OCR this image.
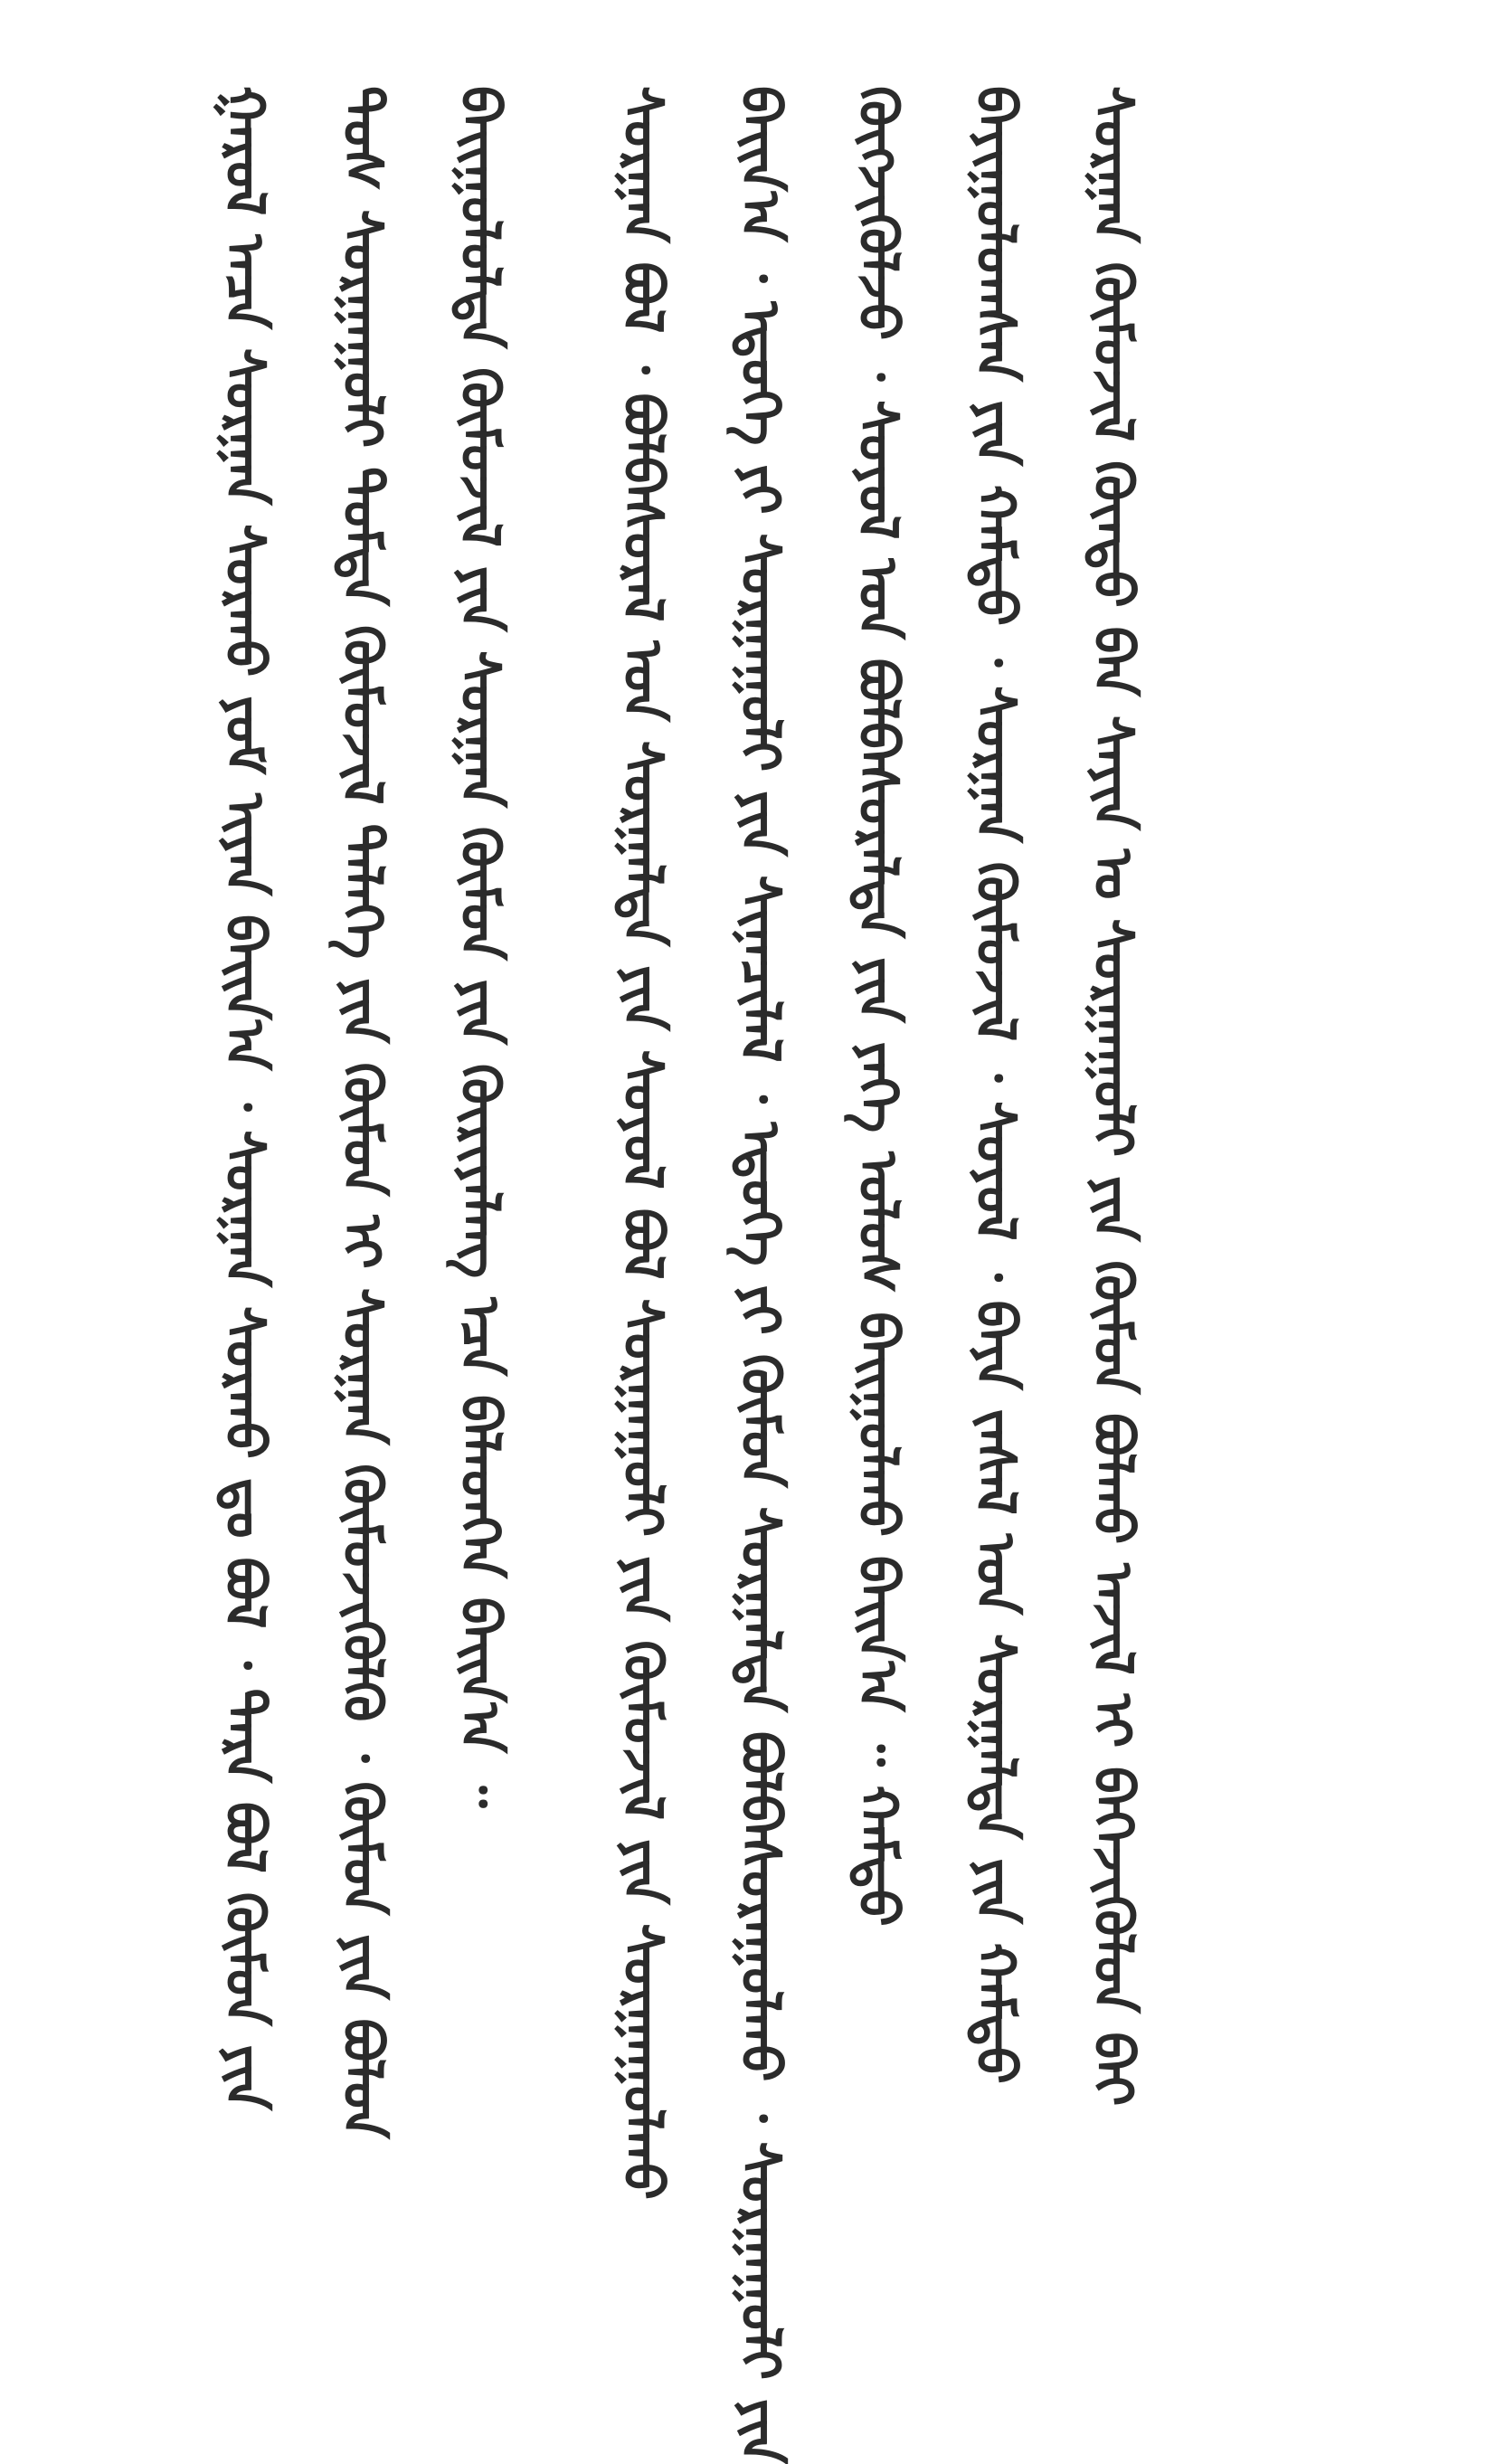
ᠰᠤᠷᠭᠠᠨ ᠬᠦᠮᠦᠵᠢᠯ ᠬᠦᠨᠳᠦ ᠪᠠᠨ ᠰᠠᠶᠢᠨ ᠤ ᠰᠤᠷᠭᠠᠭᠤᠯᠢ ᠶᠢᠨ ᠬᠦᠮᠦᠨ ᠪᠣᠯᠬᠤ ᠠᠵᠢᠯ ᠢ ᠪᠡᠬᠡᠵᠢᠭᠦᠯᠦᠨ ᠪᠠᠢ
ᠪᠠᠶᠢᠭᠤᠯᠤᠭᠰᠠᠨ ᠶᠢᠨ ᠬᠠᠮᠲᠤ ᠂ ᠰᠤᠷᠭᠠᠨ ᠬᠦᠮᠦᠵᠢᠯ ᠂ ᠰᠣᠶᠣᠯ ᠂ ᠪᠡᠶᠡ ᠵᠠᠰᠠᠯ ᠤᠨ ᠰᠤᠷᠭᠠᠯᠲᠠ ᠶᠢᠨ ᠬᠠᠮᠲᠤ
ᠬᠦᠭᠵᠢᠭᠦᠯᠵᠦ ᠂ ᠰᠣᠶᠣᠯ ᠤᠨ ᠪᠣᠯᠪᠠᠰᠤᠷᠠᠯᠲᠠ ᠶᠢᠨ ᠶᠡᠬᠡ ᠤᠯᠤᠰ ᠪᠠᠢᠭᠤᠯᠬᠤ ᠪᠠᠢᠨ᠎ᠠ ᠃ ᠬᠠᠮᠲᠤ
ᠪᠠᠢᠨ᠎ᠠ ᠂ ᠡᠳᠦᠭᠡ ᠶᠢ ᠰᠤᠷᠭᠠᠭᠤᠯᠢ ᠶᠢᠨ ᠰᠢᠨᠡᠴᠢᠯᠡᠯ ᠂ ᠡᠳᠦᠭᠡ ᠶᠢ ᠬᠦᠮᠦᠨ ᠰᠤᠷᠭᠠᠯᠲᠠ ᠪᠣᠯᠪᠠᠰᠤᠷᠠᠭᠤᠯᠬᠤ ᠂ ᠰᠤᠷᠭᠠᠭᠤᠯᠢ ᠶᠢᠨ
ᠰᠤᠷᠭᠠᠨ ᠪᠣᠯ ᠂ ᠪᠣᠯᠪᠠᠰᠤᠷᠠᠯ ᠤᠨ ᠰᠤᠷᠭᠠᠯᠲᠠ ᠶᠢᠨ ᠰᠣᠶᠣᠯ ᠪᠣᠯ ᠰᠤᠷᠭᠠᠭᠤᠯᠢ ᠶᠢᠨ ᠬᠦᠮᠦᠵᠢᠯ ᠶᠢᠨ ᠰᠤᠷᠭᠠᠭᠤᠯᠬᠤ
ᠪᠠᠢᠭᠤᠯᠤᠯᠲᠠ ᠬᠦᠮᠦᠵᠢᠯ ᠶᠢᠨ ᠰᠤᠷᠭᠠᠨ ᠬᠦᠮᠦᠨ ᠶᠢᠨ ᠬᠦᠷᠢᠶᠡᠯᠡᠩ ᠡᠴᠡ ᠪᠡᠯᠡᠳᠭᠡᠨ ᠪᠠᠢᠨ᠎ᠠ ᠃
ᠲᠤᠰ ᠰᠤᠷᠭᠠᠭᠤᠯᠢ ᠳᠤᠮᠳᠠ ᠬᠦᠮᠦᠵᠢᠯ ᠲᠡᠯᠡᠬᠡ ᠶᠢᠨ ᠬᠦᠮᠦᠨ ᠢ ᠰᠤᠷᠭᠠᠨ ᠬᠦᠮᠦᠵᠢᠭᠦᠯᠬᠦ ᠂ ᠬᠦᠮᠦᠨ ᠶᠢᠨ ᠪᠣᠯᠤᠨ
ᠭᠠᠷᠤᠯ ᠠᠴᠠ ᠰᠤᠷᠭᠠᠨ ᠰᠤᠷᠬᠤ ᠶᠤᠮ ᠢᠶᠠᠨ ᠪᠠᠢᠨ᠎ᠠ ᠂ ᠰᠤᠷᠭᠠᠨ ᠰᠤᠷᠬᠤ ᠳᠤ ᠪᠣᠯ ᠂ ᠲᠡᠷᠡ ᠪᠣᠯ ᠬᠦᠮᠦᠨ ᠶᠢᠨ
